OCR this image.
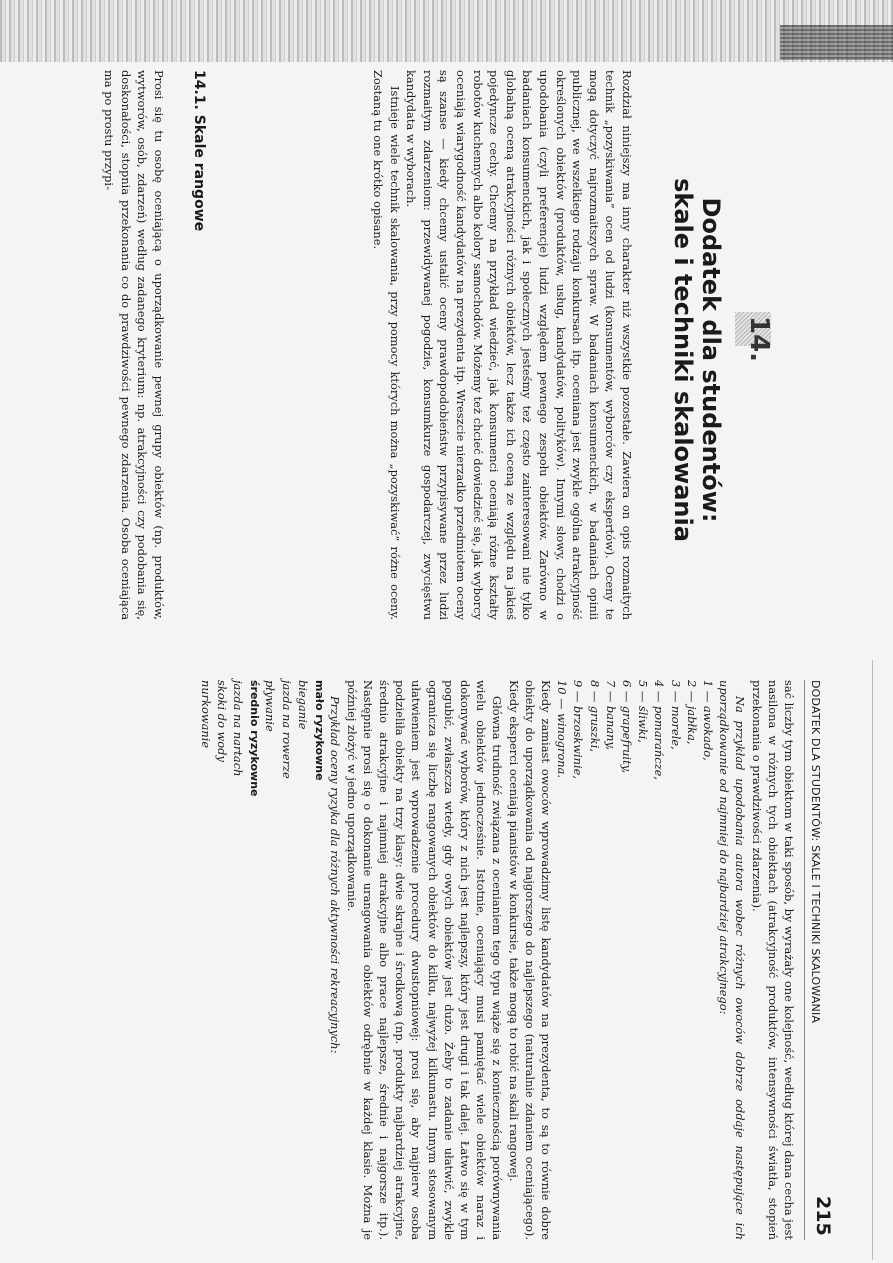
14.
Dodatek dla studentów:
skale i techniki skalowania

Rozdział niniejszy ma inny charakter niż wszystkie pozostałe. Zawiera on opis rozmaitych technik „pozyskiwania” ocen od ludzi (konsumentów, wyborców czy ekspertów). Oceny te mogą dotyczyć najrozmaitszych spraw. W badaniach konsumenckich, w badaniach opinii publicznej, we wszelkiego rodzaju konkursach itp. oceniana jest zwykle ogólna atrakcyjność określonych obiektów (produktów, usług, kandydatów, polityków). Innymi słowy, chodzi o upodobania (czyli preferencje) ludzi względem pewnego zespołu obiektów. Zarówno w badaniach konsumenckich, jak i społecznych jesteśmy też często zainteresowani nie tylko globalną oceną atrakcyjności różnych obiektów, lecz także ich oceną ze względu na jakieś pojedyncze cechy. Chcemy na przykład wiedzieć, jak konsumenci oceniają różne kształty robotów kuchennych albo kolory samochodów. Możemy też chcieć dowiedzieć się, jak wyborcy oceniają wiarygodność kandydatów na prezydenta itp. Wreszcie nierzadko przedmiotem oceny są szanse — kiedy chcemy ustalić oceny prawdopodobieństw przypisywane przez ludzi rozmaitym zdarzeniom: przewidywanej pogodzie, konsumkurze gospodarczej, zwycięstwu kandydata w wyborach.

Istnieje wiele technik skalowania, przy pomocy których można „pozyskiwać” różne oceny. Zostaną tu one krótko opisane.

14.1. Skale rangowe

Prosi się tu osobę oceniającą o uporządkowanie pewnej grupy obiektów (np. produktów, wytworów, osób, zdarzeń) według zadanego kryterium: np. atrakcyjności czy podobania się, doskonałości, stopnia przekonania co do prawdziwości pewnego zdarzenia. Osoba oceniająca ma po prostu przypi-

DODATEK DLA STUDENTÓW: SKALE I TECHNIKI SKALOWANIA
215

sać liczby tym obiektom w taki sposób, by wyrażały one kolejność, według której dana cecha jest nasilona w różnych tych obiektach (atrakcyjność produktów, intensywności światła, stopień przekonania o prawdziwości zdarzenia).

Na przykład upodobania autora wobec różnych owoców dobrze oddaje następujące ich uporządkowanie od najmniej do najbardziej atrakcyjnego:

1 — awokado,
2 — jabłka,
3 — morele,
4 — pomarańcze,
5 — śliwki,
6 — grapefruity,
7 — banany,
8 — gruszki,
9 — brzoskwinie,
10 — winogrona.

Kiedy zamiast owoców wprowadzimy listę kandydatów na prezydenta, to są to równie dobre obiekty do uporządkowania od najgorszego do najlepszego (naturalnie zdaniem oceniającego). Kiedy eksperci oceniają pianistów w konkursie, także mogą to robić na skali rangowej.

Główna trudność związana z ocenianiem tego typu wiąże się z koniecznością porównywania wielu obiektów jednocześnie. Istotnie, oceniający musi pamiętać wiele obiektów naraz i dokonywać wyborów, który z nich jest najlepszy, który jest drugi i tak dalej. Łatwo się w tym pogubić, zwłaszcza wtedy, gdy owych obiektów jest dużo. Żeby to zadanie ułatwić, zwykle ogranicza się liczbę rangowanych obiektów do kilku, najwyżej kilkunastu. Innym stosowanym ułatwieniem jest wprowadzenie procedury dwustopniowej: prosi się, aby najpierw osoba podzieliła obiekty na trzy klasy: dwie skrajne i środkową (np. produkty najbardziej atrakcyjne, średnio atrakcyjne i najmniej atrakcyjne albo prace najlepsze, średnie i najgorsze itp.). Następnie prosi się o dokonanie urangowania obiektów odrębnie w każdej klasie. Można je później złożyć w jedno uporządkowanie.

Przykład oceny ryzyka dla różnych aktywności rekreacyjnych:

mało ryzykowne
bieganie
jazda na rowerze
pływanie
średnio ryzykowne
jazda na nartach
skoki do wody
nurkowanie
